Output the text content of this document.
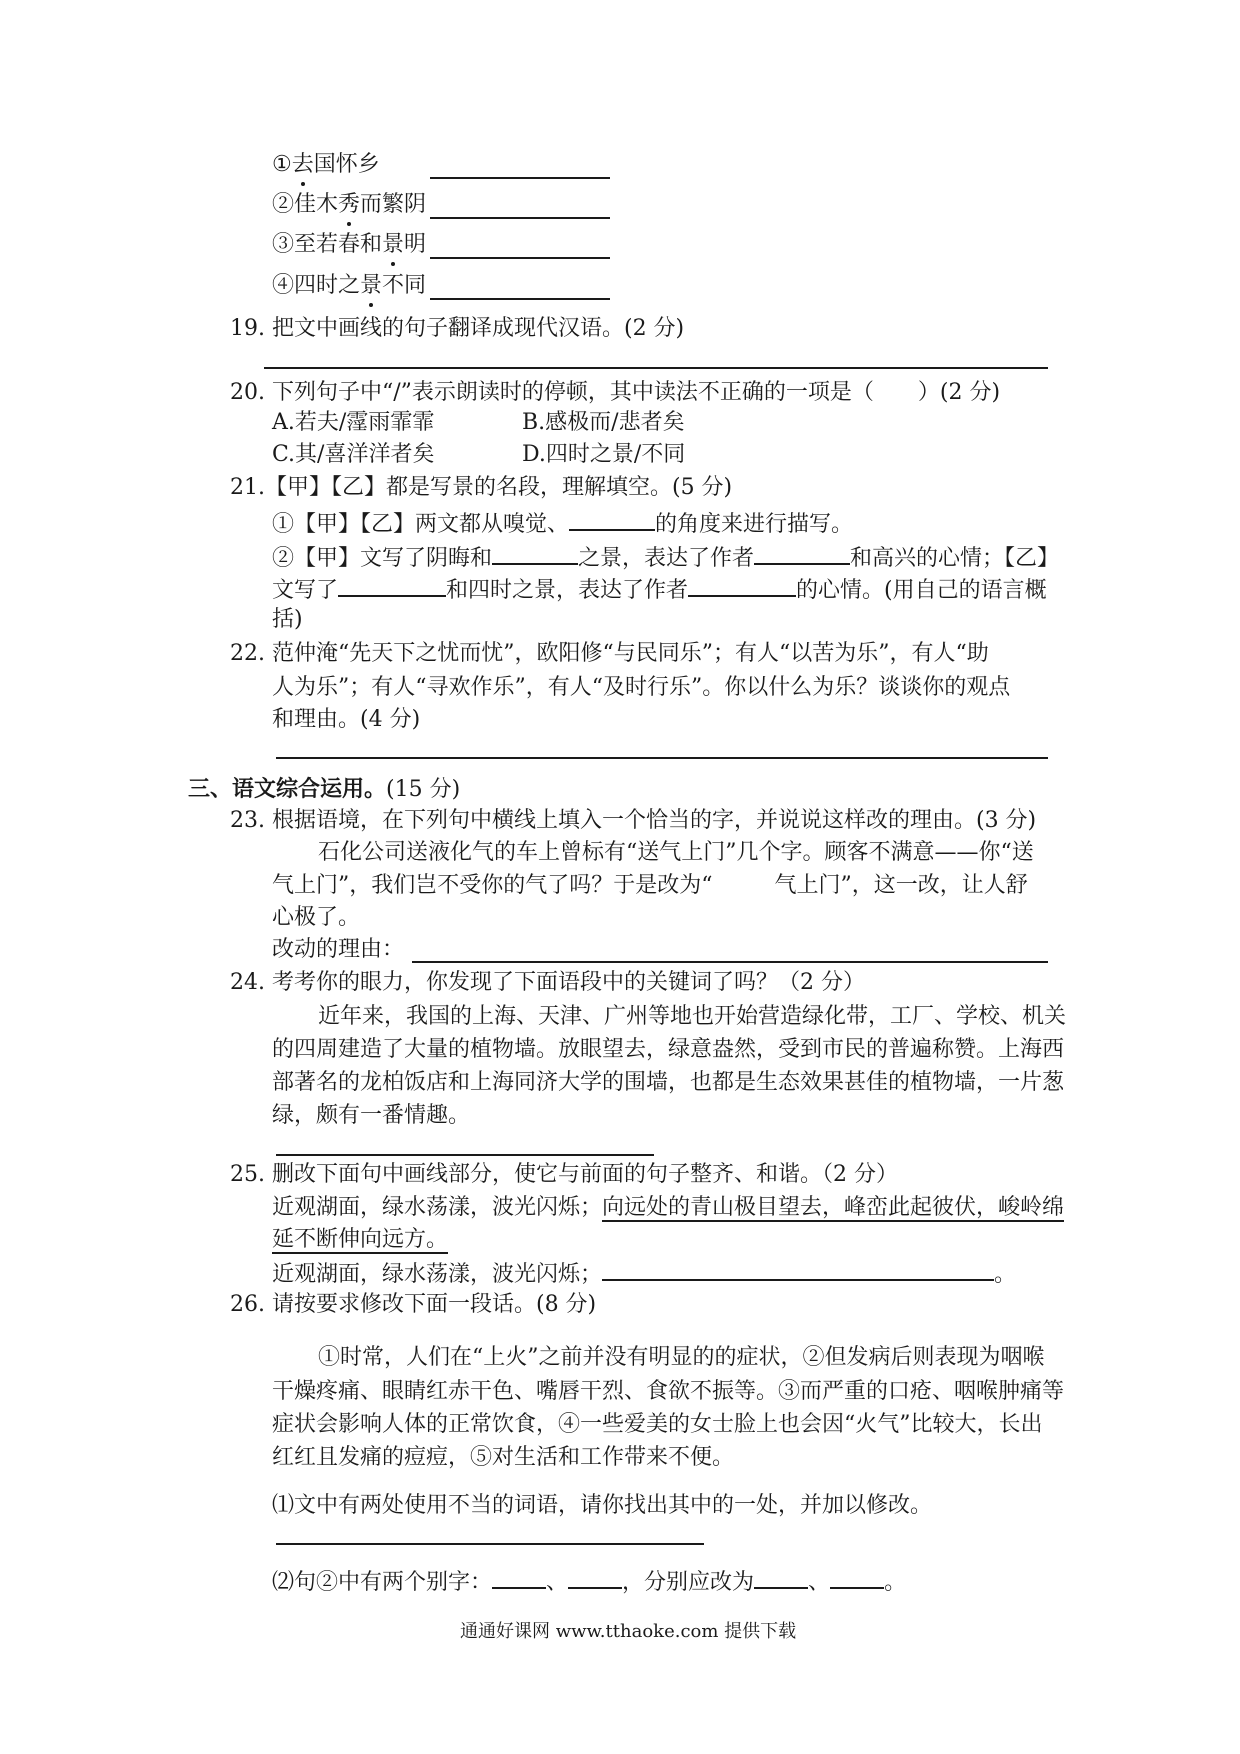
①去国怀乡
②佳木秀而繁阴
③至若春和景明
④四时之景不同
19. 把文中画线的句子翻译成现代汉语。(2 分)
20. 下列句子中“/”表示朗读时的停顿，其中读法不正确的一项是（　　）(2 分)
A.若夫/霪雨霏霏	B.感极而/悲者矣
C.其/喜洋洋者矣	D.四时之景/不同
21.【甲】【乙】都是写景的名段，理解填空。(5 分)
①【甲】【乙】两文都从嗅觉、	的角度来进行描写。
②【甲】文写了阴晦和	之景，表达了作者	和高兴的心情；【乙】
文写了	和四时之景，表达了作者	的心情。(用自己的语言概
括)
22. 范仲淹“先天下之忧而忧”，欧阳修“与民同乐”；有人“以苦为乐”，有人“助
人为乐”；有人“寻欢作乐”，有人“及时行乐”。你以什么为乐？谈谈你的观点
和理由。(4 分)
三、语文综合运用。(15 分)
23. 根据语境，在下列句中横线上填入一个恰当的字，并说说这样改的理由。(3 分)
石化公司送液化气的车上曾标有“送气上门”几个字。顾客不满意——你“送
气上门”，我们岂不受你的气了吗？于是改为“	气上门”，这一改，让人舒
心极了。
改动的理由：
24. 考考你的眼力，你发现了下面语段中的关键词了吗？（2 分）
近年来，我国的上海、天津、广州等地也开始营造绿化带，工厂、学校、机关
的四周建造了大量的植物墙。放眼望去，绿意盎然，受到市民的普遍称赞。上海西
部著名的龙柏饭店和上海同济大学的围墙，也都是生态效果甚佳的植物墙，一片葱
绿，颇有一番情趣。
25. 删改下面句中画线部分，使它与前面的句子整齐、和谐。（2 分）
近观湖面，绿水荡漾，波光闪烁；向远处的青山极目望去，峰峦此起彼伏，峻岭绵
延不断伸向远方。
近观湖面，绿水荡漾，波光闪烁；	。
26. 请按要求修改下面一段话。(8 分)
①时常，人们在“上火”之前并没有明显的的症状，②但发病后则表现为咽喉
干燥疼痛、眼睛红赤干色、嘴唇干烈、食欲不振等。③而严重的口疮、咽喉肿痛等
症状会影响人体的正常饮食，④一些爱美的女士脸上也会因“火气”比较大，长出
红红且发痛的痘痘，⑤对生活和工作带来不便。
⑴文中有两处使用不当的词语，请你找出其中的一处，并加以修改。
⑵句②中有两个别字： 、 ，分别应改为 、 。
通通好课网 www.tthaoke.com 提供下载
